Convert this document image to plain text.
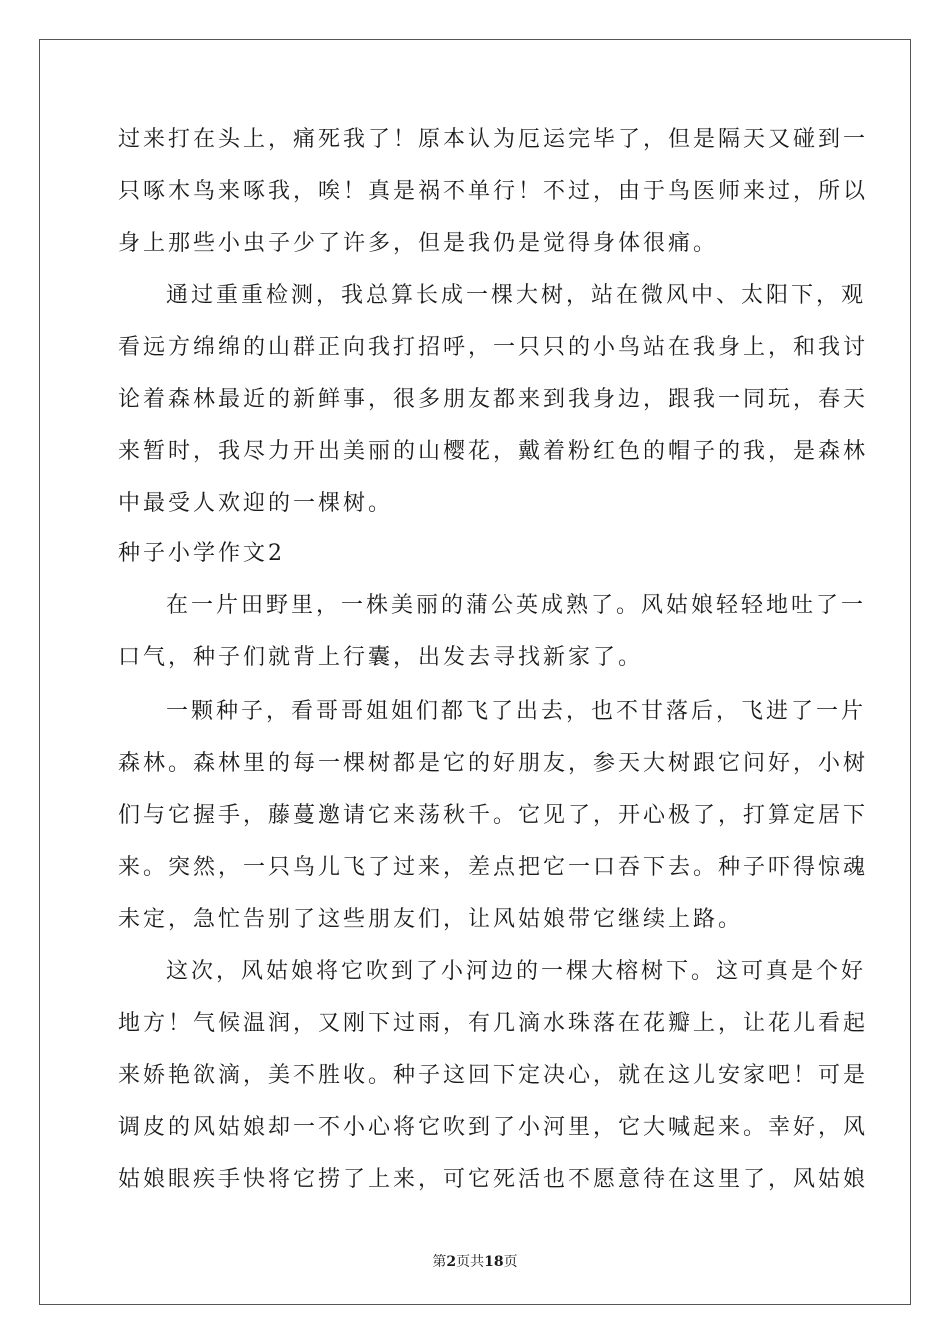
过来打在头上，痛死我了！原本认为厄运完毕了，但是隔天又碰到一
只啄木鸟来啄我，唉！真是祸不单行！不过，由于鸟医师来过，所以
身上那些小虫子少了许多，但是我仍是觉得身体很痛。
通过重重检测，我总算长成一棵大树，站在微风中、太阳下，观
看远方绵绵的山群正向我打招呼，一只只的小鸟站在我身上，和我讨
论着森林最近的新鲜事，很多朋友都来到我身边，跟我一同玩，春天
来暂时，我尽力开出美丽的山樱花，戴着粉红色的帽子的我，是森林
中最受人欢迎的一棵树。
种子小学作文2
在一片田野里，一株美丽的蒲公英成熟了。风姑娘轻轻地吐了一
口气，种子们就背上行囊，出发去寻找新家了。
一颗种子，看哥哥姐姐们都飞了出去，也不甘落后，飞进了一片
森林。森林里的每一棵树都是它的好朋友，参天大树跟它问好，小树
们与它握手，藤蔓邀请它来荡秋千。它见了，开心极了，打算定居下
来。突然，一只鸟儿飞了过来，差点把它一口吞下去。种子吓得惊魂
未定，急忙告别了这些朋友们，让风姑娘带它继续上路。
这次，风姑娘将它吹到了小河边的一棵大榕树下。这可真是个好
地方！气候温润，又刚下过雨，有几滴水珠落在花瓣上，让花儿看起
来娇艳欲滴，美不胜收。种子这回下定决心，就在这儿安家吧！可是
调皮的风姑娘却一不小心将它吹到了小河里，它大喊起来。幸好，风
姑娘眼疾手快将它捞了上来，可它死活也不愿意待在这里了，风姑娘
第2页共18页
